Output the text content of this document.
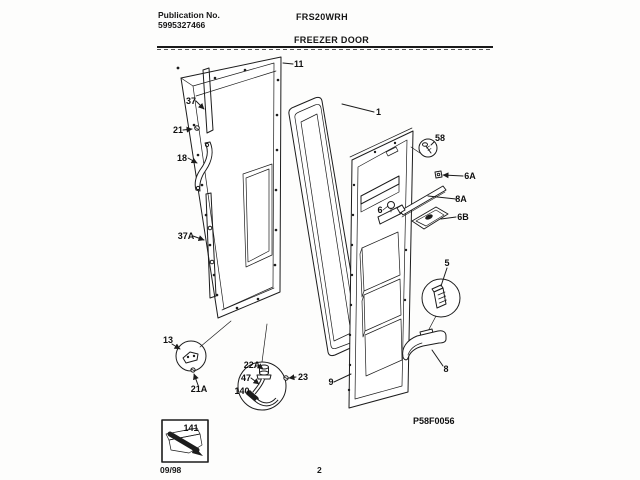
Publication No.
5995327466
FRS20WRH
FREEZER DOOR
11
37
21
18
37A
13
21A
1
22A
47
140
23 9
58
6A
8A
6B
6
5
8
141
P58F0056
09/98	2
